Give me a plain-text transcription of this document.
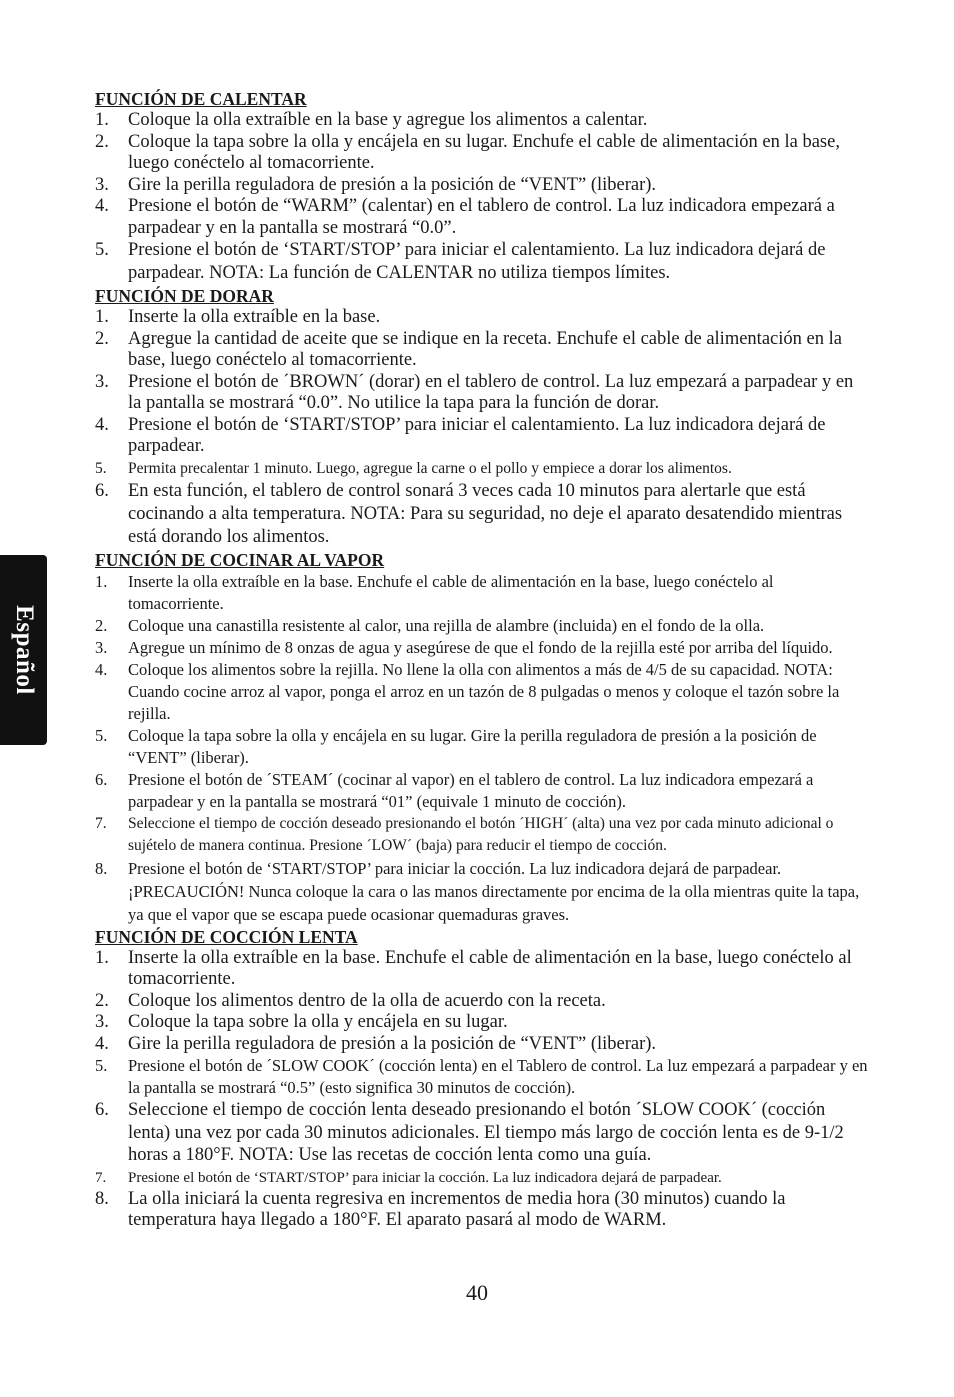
Español
FUNCIÓN DE CALENTAR
1. Coloque la olla extraíble en la base y agregue los alimentos a calentar.
2. Coloque la tapa sobre la olla y encájela en su lugar. Enchufe el cable de alimentación en la base, luego conéctelo al tomacorriente.
3. Gire la perilla reguladora de presión a la posición de “VENT” (liberar).
4. Presione el botón de “WARM” (calentar) en el tablero de control. La luz indicadora empezará a parpadear y en la pantalla se mostrará “0.0”.
5. Presione el botón de ‘START/STOP’ para iniciar el calentamiento. La luz indicadora dejará de parpadear. NOTA: La función de CALENTAR no utiliza tiempos límites.
FUNCIÓN DE DORAR
1. Inserte la olla extraíble en la base.
2. Agregue la cantidad de aceite que se indique en la receta. Enchufe el cable de alimentación en la base, luego conéctelo al tomacorriente.
3. Presione el botón de ´BROWN´ (dorar) en el tablero de control. La luz empezará a parpadear y en la pantalla se mostrará “0.0”. No utilice la tapa para la función de dorar.
4. Presione el botón de ‘START/STOP’ para iniciar el calentamiento. La luz indicadora dejará de parpadear.
5. Permita precalentar 1 minuto. Luego, agregue la carne o el pollo y empiece a dorar los alimentos.
6. En esta función, el tablero de control sonará 3 veces cada 10 minutos para alertarle que está cocinando a alta temperatura. NOTA: Para su seguridad, no deje el aparato desatendido mientras está dorando los alimentos.
FUNCIÓN DE COCINAR AL VAPOR
1. Inserte la olla extraíble en la base. Enchufe el cable de alimentación en la base, luego conéctelo al tomacorriente.
2. Coloque una canastilla resistente al calor, una rejilla de alambre (incluida) en el fondo de la olla.
3. Agregue un mínimo de 8 onzas de agua y asegúrese de que el fondo de la rejilla esté por arriba del líquido.
4. Coloque los alimentos sobre la rejilla. No llene la olla con alimentos a más de 4/5 de su capacidad. NOTA: Cuando cocine arroz al vapor, ponga el arroz en un tazón de 8 pulgadas o menos y coloque el tazón sobre la rejilla.
5. Coloque la tapa sobre la olla y encájela en su lugar. Gire la perilla reguladora de presión a la posición de “VENT” (liberar).
6. Presione el botón de ´STEAM´ (cocinar al vapor) en el tablero de control. La luz indicadora empezará a parpadear y en la pantalla se mostrará “01” (equivale 1 minuto de cocción).
7. Seleccione el tiempo de cocción deseado presionando el botón ´HIGH´ (alta) una vez por cada minuto adicional o sujételo de manera continua. Presione ´LOW´ (baja) para reducir el tiempo de cocción.
8. Presione el botón de ‘START/STOP’ para iniciar la cocción. La luz indicadora dejará de parpadear. ¡PRECAUCIÓN! Nunca coloque la cara o las manos directamente por encima de la olla mientras quite la tapa, ya que el vapor que se escapa puede ocasionar quemaduras graves.
FUNCIÓN DE COCCIÓN LENTA
1. Inserte la olla extraíble en la base. Enchufe el cable de alimentación en la base, luego conéctelo al tomacorriente.
2. Coloque los alimentos dentro de la olla de acuerdo con la receta.
3. Coloque la tapa sobre la olla y encájela en su lugar.
4. Gire la perilla reguladora de presión a la posición de “VENT” (liberar).
5. Presione el botón de ´SLOW COOK´ (cocción lenta) en el Tablero de control. La luz empezará a parpadear y en la pantalla se mostrará “0.5” (esto significa 30 minutos de cocción).
6. Seleccione el tiempo de cocción lenta deseado presionando el botón ´SLOW COOK´ (cocción lenta) una vez por cada 30 minutos adicionales. El tiempo más largo de cocción lenta es de 9-1/2 horas a 180°F. NOTA: Use las recetas de cocción lenta como una guía.
7. Presione el botón de ‘START/STOP’ para iniciar la cocción. La luz indicadora dejará de parpadear.
8. La olla iniciará la cuenta regresiva en incrementos de media hora (30 minutos) cuando la temperatura haya llegado a 180°F. El aparato pasará al modo de WARM.
40
